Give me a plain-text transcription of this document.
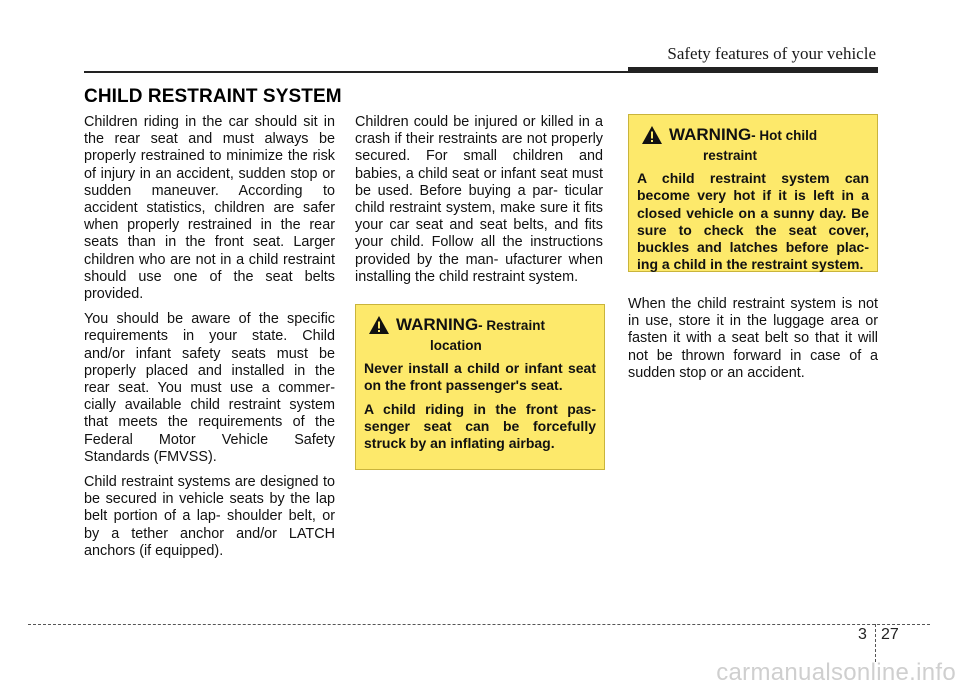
Safety features of your vehicle
CHILD RESTRAINT SYSTEM

Children riding in the car should sit in the rear seat and must always be properly restrained to minimize the risk of injury in an accident, sudden stop or sudden maneuver. According to accident statistics, children are safer when properly restrained in the rear seats than in the front seat. Larger children who are not in a child restraint should use one of the seat belts provided.

You should be aware of the specific requirements in your state. Child and/or infant safety seats must be properly placed and installed in the rear seat. You must use a commer- cially available child restraint system that meets the requirements of the Federal Motor Vehicle Safety Standards (FMVSS).

Child restraint systems are designed to be secured in vehicle seats by the lap belt portion of a lap- shoulder belt, or by a tether anchor and/or LATCH anchors (if equipped).

Children could be injured or killed in a crash if their restraints are not properly secured. For small children and babies, a child seat or infant seat must be used. Before buying a par- ticular child restraint system, make sure it fits your car seat and seat belts, and fits your child. Follow all the instructions provided by the man- ufacturer when installing the child restraint system.

WARNING- Restraint
location

Never install a child or infant seat on the front passenger's seat.

A child riding in the front pas- senger seat can be forcefully struck by an inflating airbag.

WARNING- Hot child
restraint

A child restraint system can become very hot if it is left in a closed vehicle on a sunny day. Be sure to check the seat cover, buckles and latches before plac- ing a child in the restraint system.

When the child restraint system is not in use, store it in the luggage area or fasten it with a seat belt so that it will not be thrown forward in case of a sudden stop or an accident.

3 27
carmanualsonline.info
